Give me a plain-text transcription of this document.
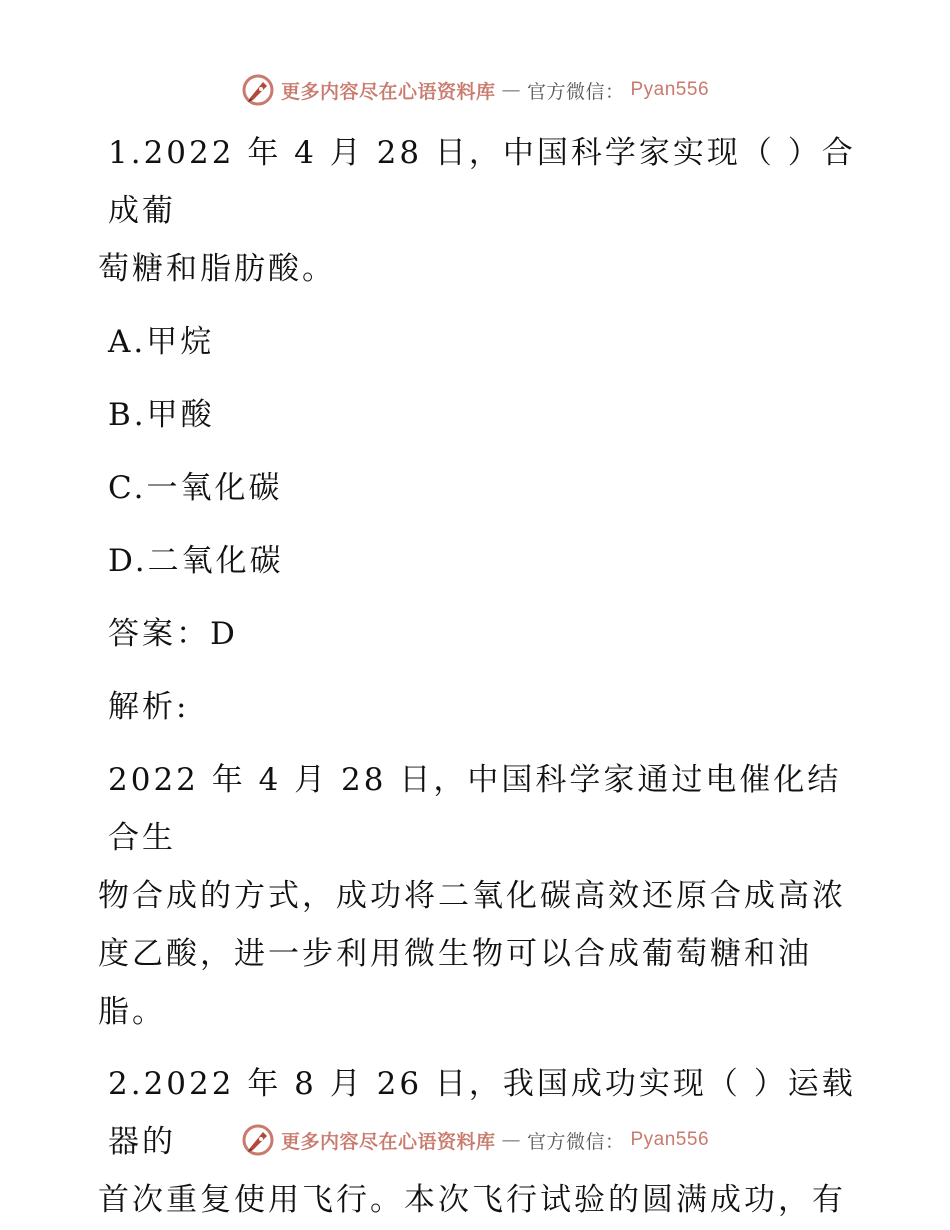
更多内容尽在心语资料库 — 官方微信： Pyan556

1.2022 年 4 月 28 日，中国科学家实现（ ）合成葡

萄糖和脂肪酸。

A.甲烷

B.甲酸

C.一氧化碳

D.二氧化碳

答案：D

解析:

2022 年 4 月 28 日，中国科学家通过电催化结合生

物合成的方式，成功将二氧化碳高效还原合成高浓

度乙酸，进一步利用微生物可以合成葡萄糖和油

脂。

2.2022 年 8 月 26 日，我国成功实现（ ）运载器的

首次重复使用飞行。本次飞行试验的圆满成功，有

更多内容尽在心语资料库 — 官方微信： Pyan556
